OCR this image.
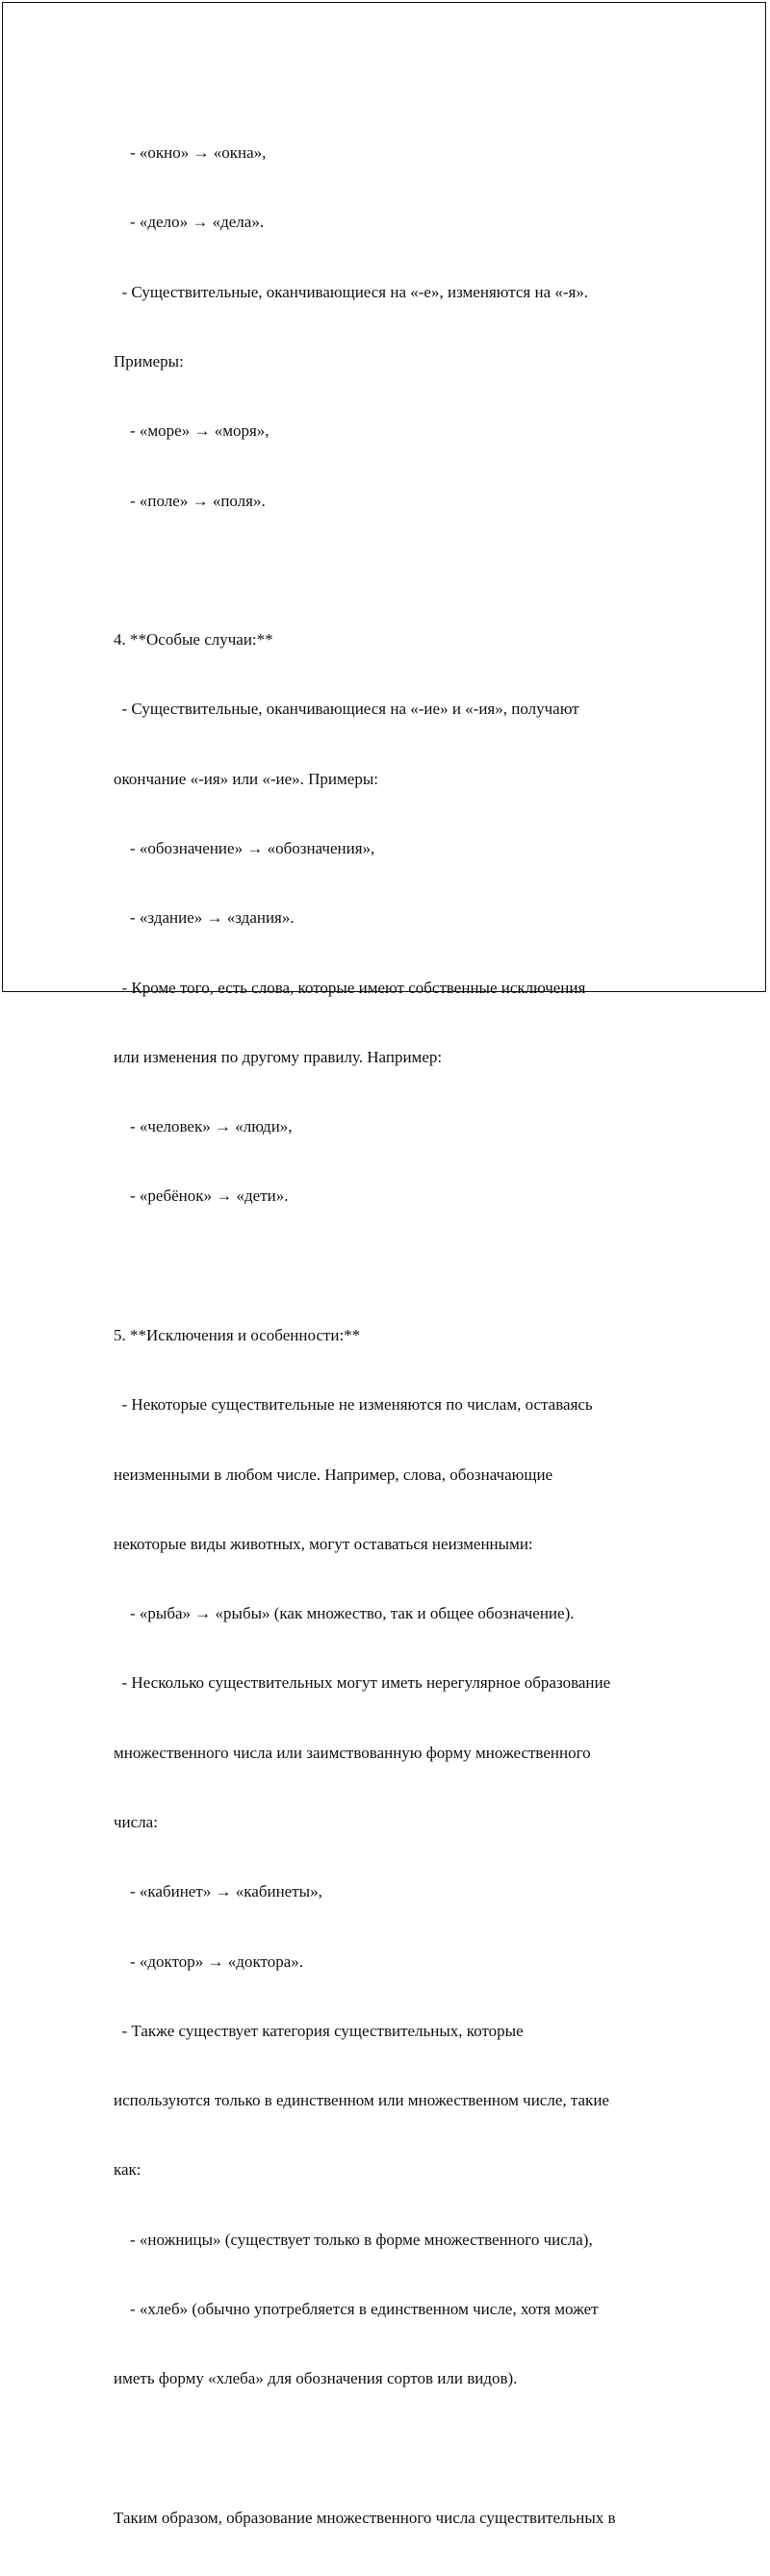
- «окно» → «окна»,

- «дело» → «дела».

- Существительные, оканчивающиеся на «-е», изменяются на «-я».

Примеры:

- «море» → «моря»,

- «поле» → «поля».

4. **Особые случаи:**

- Существительные, оканчивающиеся на «-ие» и «-ия», получают

окончание «-ия» или «-ие». Примеры:

- «обозначение» → «обозначения»,

- «здание» → «здания».

- Кроме того, есть слова, которые имеют собственные исключения

или изменения по другому правилу. Например:

- «человек» → «люди»,

- «ребёнок» → «дети».

5. **Исключения и особенности:**

- Некоторые существительные не изменяются по числам, оставаясь

неизменными в любом числе. Например, слова, обозначающие

некоторые виды животных, могут оставаться неизменными:

- «рыба» → «рыбы» (как множество, так и общее обозначение).

- Несколько существительных могут иметь нерегулярное образование

множественного числа или заимствованную форму множественного

числа:

- «кабинет» → «кабинеты»,

- «доктор» → «доктора».

- Также существует категория существительных, которые

используются только в единственном или множественном числе, такие

как:

- «ножницы» (существует только в форме множественного числа),

- «хлеб» (обычно употребляется в единственном числе, хотя может

иметь форму «хлеба» для обозначения сортов или видов).

Таким образом, образование множественного числа существительных в
